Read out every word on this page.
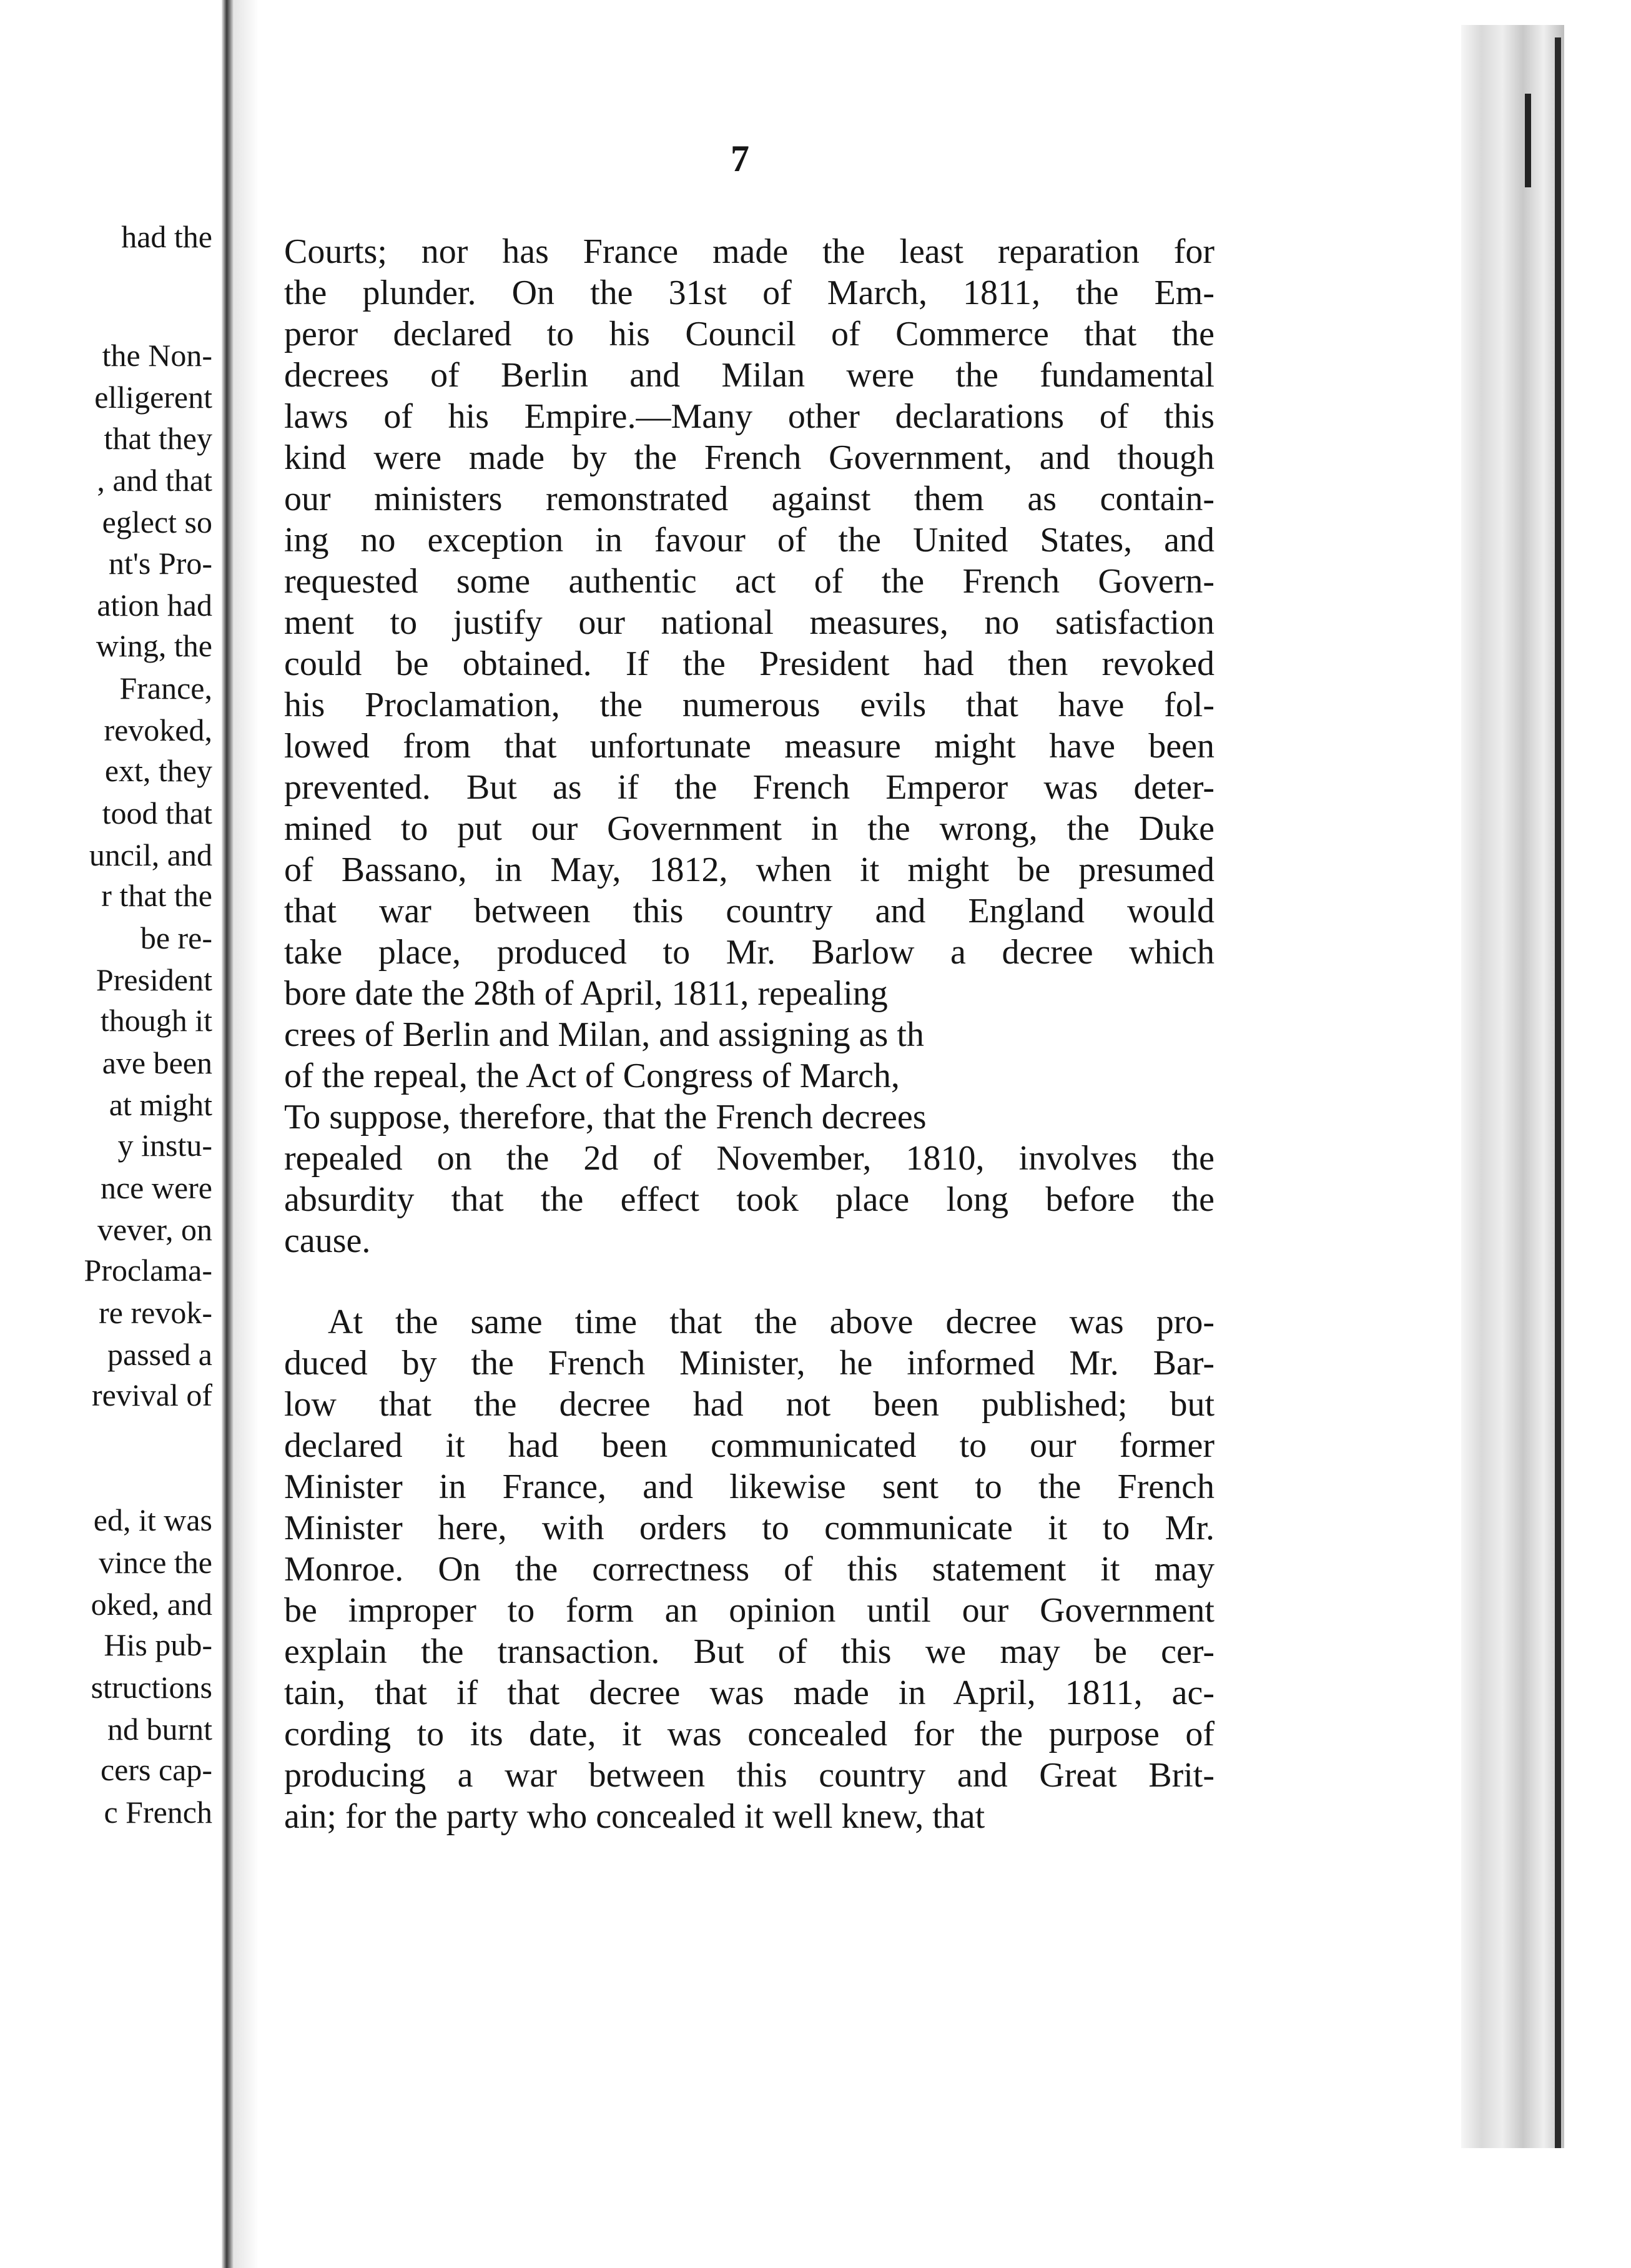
had the
the Non-
elligerent
that they
, and that
eglect so
nt's Pro-
ation had
wing, the
France,
revoked,
ext, they
tood that
uncil, and
r that the
be re-
President
though it
ave been
at might
y instu-
nce were
vever, on
Proclama-
re revok-
passed a
revival of
ed, it was
vince the
oked, and
His pub-
structions
nd burnt
cers cap-
c French
7
Courts; nor has France made the least reparation for
the plunder. On the 31st of March, 1811, the Em-
peror declared to his Council of Commerce that the
decrees of Berlin and Milan were the fundamental
laws of his Empire.—Many other declarations of this
kind were made by the French Government, and though
our ministers remonstrated against them as contain-
ing no exception in favour of the United States, and
requested some authentic act of the French Govern-
ment to justify our national measures, no satisfaction
could be obtained. If the President had then revoked
his Proclamation, the numerous evils that have fol-
lowed from that unfortunate measure might have been
prevented. But as if the French Emperor was deter-
mined to put our Government in the wrong, the Duke
of Bassano, in May, 1812, when it might be presumed
that war between this country and England would
take place, produced to Mr. Barlow a decree which
bore date the 28th of April, 1811, repealing
crees of Berlin and Milan, and assigning as th
of the repeal, the Act of Congress of March,
To suppose, therefore, that the French decrees
repealed on the 2d of November, 1810, involves the
absurdity that the effect took place long before the
cause.
At the same time that the above decree was pro-
duced by the French Minister, he informed Mr. Bar-
low that the decree had not been published; but
declared it had been communicated to our former
Minister in France, and likewise sent to the French
Minister here, with orders to communicate it to Mr.
Monroe. On the correctness of this statement it may
be improper to form an opinion until our Government
explain the transaction. But of this we may be cer-
tain, that if that decree was made in April, 1811, ac-
cording to its date, it was concealed for the purpose of
producing a war between this country and Great Brit-
ain; for the party who concealed it well knew, that
